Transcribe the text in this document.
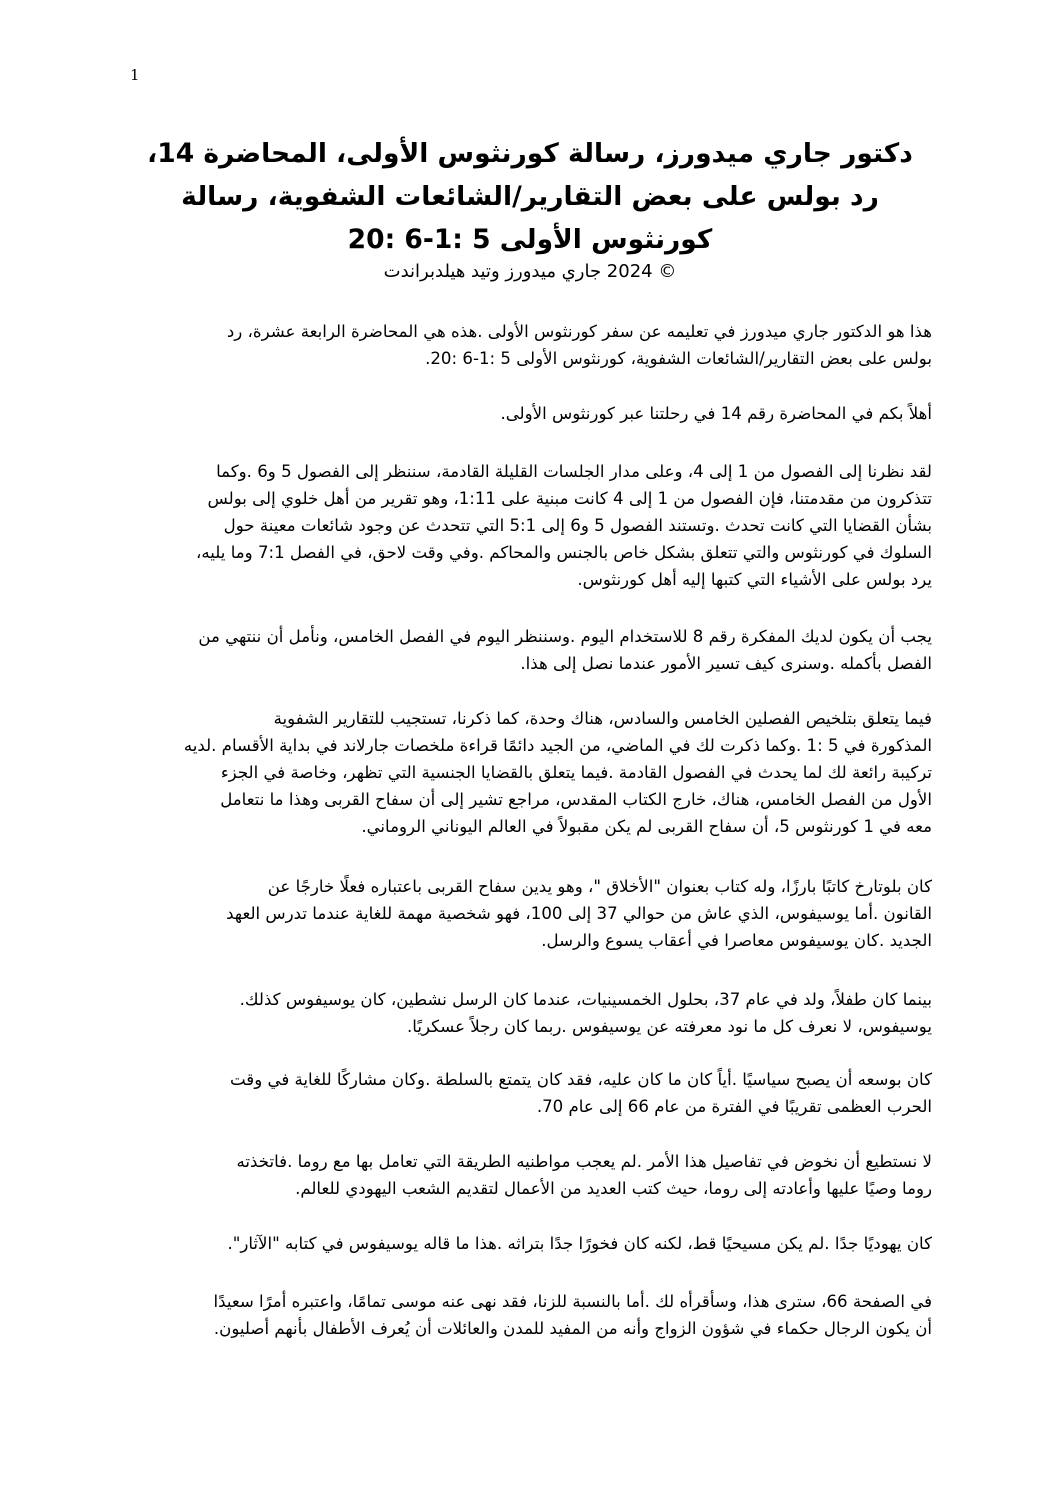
1
دكتور جاري ميدورز، رسالة كورنثوس الأولى، المحاضرة 14،
رد بولس على بعض التقارير/الشائعات الشفوية، رسالة
كورنثوس الأولى 5 :1-6 :20
© 2024 جاري ميدورز وتيد هيلدبراندت
هذا هو الدكتور جاري ميدورز في تعليمه عن سفر كورنثوس الأولى .هذه هي المحاضرة الرابعة عشرة، رد
بولس على بعض التقارير/الشائعات الشفوية، كورنثوس الأولى 5 :1-6 :20.
أهلاً بكم في المحاضرة رقم 14 في رحلتنا عبر كورنثوس الأولى.
لقد نظرنا إلى الفصول من 1 إلى 4، وعلى مدار الجلسات القليلة القادمة، سننظر إلى الفصول 5 و6 .وكما
تتذكرون من مقدمتنا، فإن الفصول من 1 إلى 4 كانت مبنية على 1:11، وهو تقرير من أهل خلوي إلى بولس
بشأن القضايا التي كانت تحدث .وتستند الفصول 5 و6 إلى 5:1 التي تتحدث عن وجود شائعات معينة حول
السلوك في كورنثوس والتي تتعلق بشكل خاص بالجنس والمحاكم .وفي وقت لاحق، في الفصل 7:1 وما يليه،
يرد بولس على الأشياء التي كتبها إليه أهل كورنثوس.
يجب أن يكون لديك المفكرة رقم 8 للاستخدام اليوم .وسننظر اليوم في الفصل الخامس، ونأمل أن ننتهي من
الفصل بأكمله .وسنرى كيف تسير الأمور عندما نصل إلى هذا.
فيما يتعلق بتلخيص الفصلين الخامس والسادس، هناك وحدة، كما ذكرنا، تستجيب للتقارير الشفوية
المذكورة في 5 :1 .وكما ذكرت لك في الماضي، من الجيد دائمًا قراءة ملخصات جارلاند في بداية الأقسام .لديه
تركيبة رائعة لك لما يحدث في الفصول القادمة .فيما يتعلق بالقضايا الجنسية التي تظهر، وخاصة في الجزء
الأول من الفصل الخامس، هناك، خارج الكتاب المقدس، مراجع تشير إلى أن سفاح القربى وهذا ما نتعامل
معه في 1 كورنثوس 5، أن سفاح القربى لم يكن مقبولاً في العالم اليوناني الروماني.
كان بلوتارخ كاتبًا بارزًا، وله كتاب بعنوان "الأخلاق "، وهو يدين سفاح القربى باعتباره فعلًا خارجًا عن
القانون .أما يوسيفوس، الذي عاش من حوالي 37 إلى 100، فهو شخصية مهمة للغاية عندما تدرس العهد
الجديد .كان يوسيفوس معاصرا في أعقاب يسوع والرسل.
بينما كان طفلاً، ولد في عام 37، بحلول الخمسينيات، عندما كان الرسل نشطين، كان يوسيفوس كذلك.
يوسيفوس، لا نعرف كل ما نود معرفته عن يوسيفوس .ربما كان رجلاً عسكريًا.
كان بوسعه أن يصبح سياسيًا .أياً كان ما كان عليه، فقد كان يتمتع بالسلطة .وكان مشاركًا للغاية في وقت
الحرب العظمى تقريبًا في الفترة من عام 66 إلى عام 70.
لا نستطيع أن نخوض في تفاصيل هذا الأمر .لم يعجب مواطنيه الطريقة التي تعامل بها مع روما .فاتخذته
روما وصيًا عليها وأعادته إلى روما، حيث كتب العديد من الأعمال لتقديم الشعب اليهودي للعالم.
كان يهوديًا جدًا .لم يكن مسيحيًا قط، لكنه كان فخورًا جدًا بتراثه .هذا ما قاله يوسيفوس في كتابه "الآثار".
في الصفحة 66، سترى هذا، وسأقرأه لك .أما بالنسبة للزنا، فقد نهى عنه موسى تمامًا، واعتبره أمرًا سعيدًا
أن يكون الرجال حكماء في شؤون الزواج وأنه من المفيد للمدن والعائلات أن يُعرف الأطفال بأنهم أصليون.
